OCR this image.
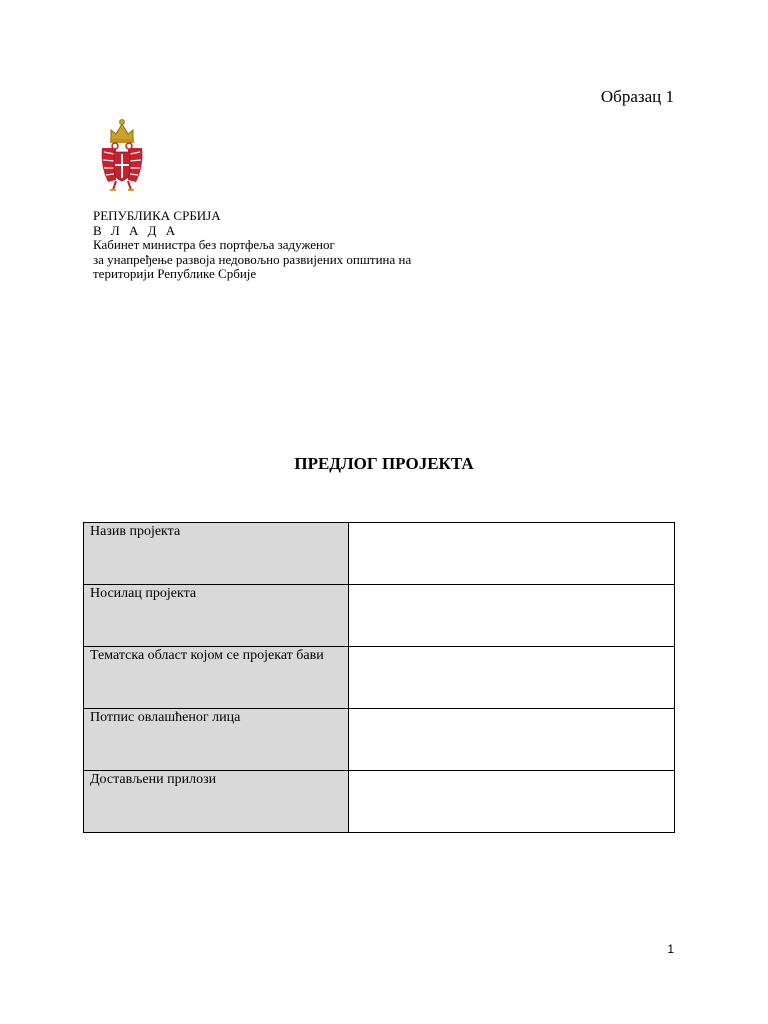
Образац 1

РЕПУБЛИКА СРБИЈА
В Л А Д А
Кабинет министра без портфеља задуженог
за унапређење развоја недовољно развијених општина на
територији Републике Србије
ПРЕДЛОГ ПРОЈЕКТА
Назив пројекта	

Носилац пројекта	

Тематска област којом се пројекат бави	

Потпис овлашћеног лица	

Достављени прилози	

1
